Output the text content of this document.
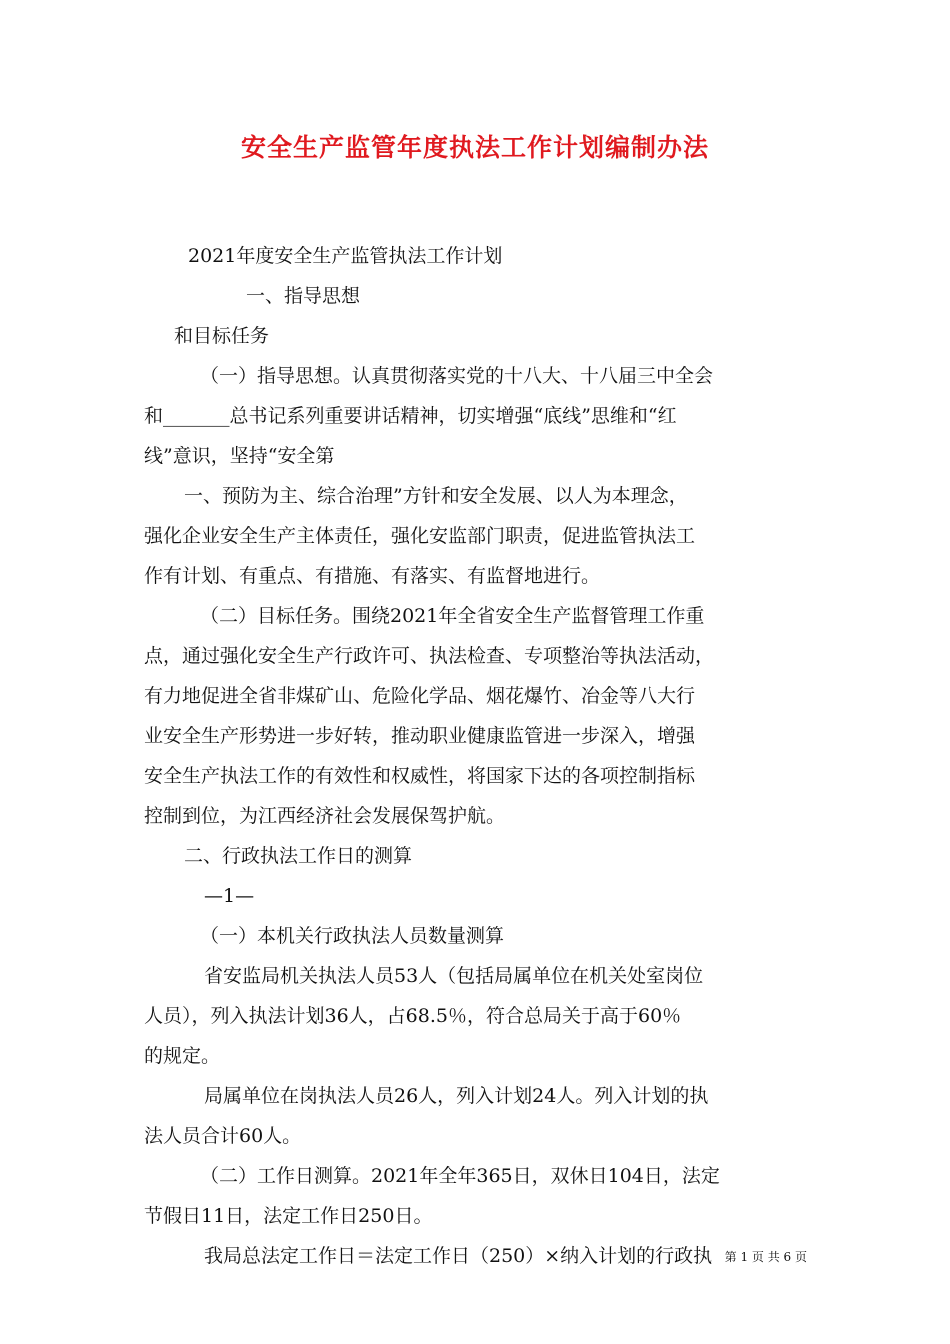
安全生产监管年度执法工作计划编制办法

2021年度安全生产监管执法工作计划

一、指导思想

和目标任务

（一）指导思想。认真贯彻落实党的十八大、十八届三中全会

和_______总书记系列重要讲话精神，切实增强“底线”思维和“红

线”意识，坚持“安全第

一、预防为主、综合治理”方针和安全发展、以人为本理念，

强化企业安全生产主体责任，强化安监部门职责，促进监管执法工

作有计划、有重点、有措施、有落实、有监督地进行。

（二）目标任务。围绕2021年全省安全生产监督管理工作重

点，通过强化安全生产行政许可、执法检查、专项整治等执法活动，

有力地促进全省非煤矿山、危险化学品、烟花爆竹、冶金等八大行

业安全生产形势进一步好转，推动职业健康监管进一步深入，增强

安全生产执法工作的有效性和权威性，将国家下达的各项控制指标

控制到位，为江西经济社会发展保驾护航。

二、行政执法工作日的测算

—1—

（一）本机关行政执法人员数量测算

省安监局机关执法人员53人（包括局属单位在机关处室岗位

人员），列入执法计划36人，占68.5％，符合总局关于高于60％

的规定。

局属单位在岗执法人员26人，列入计划24人。列入计划的执

法人员合计60人。

（二）工作日测算。2021年全年365日，双休日104日，法定

节假日11日，法定工作日250日。

我局总法定工作日＝法定工作日（250）×纳入计划的行政执	第 1 页 共 6 页
